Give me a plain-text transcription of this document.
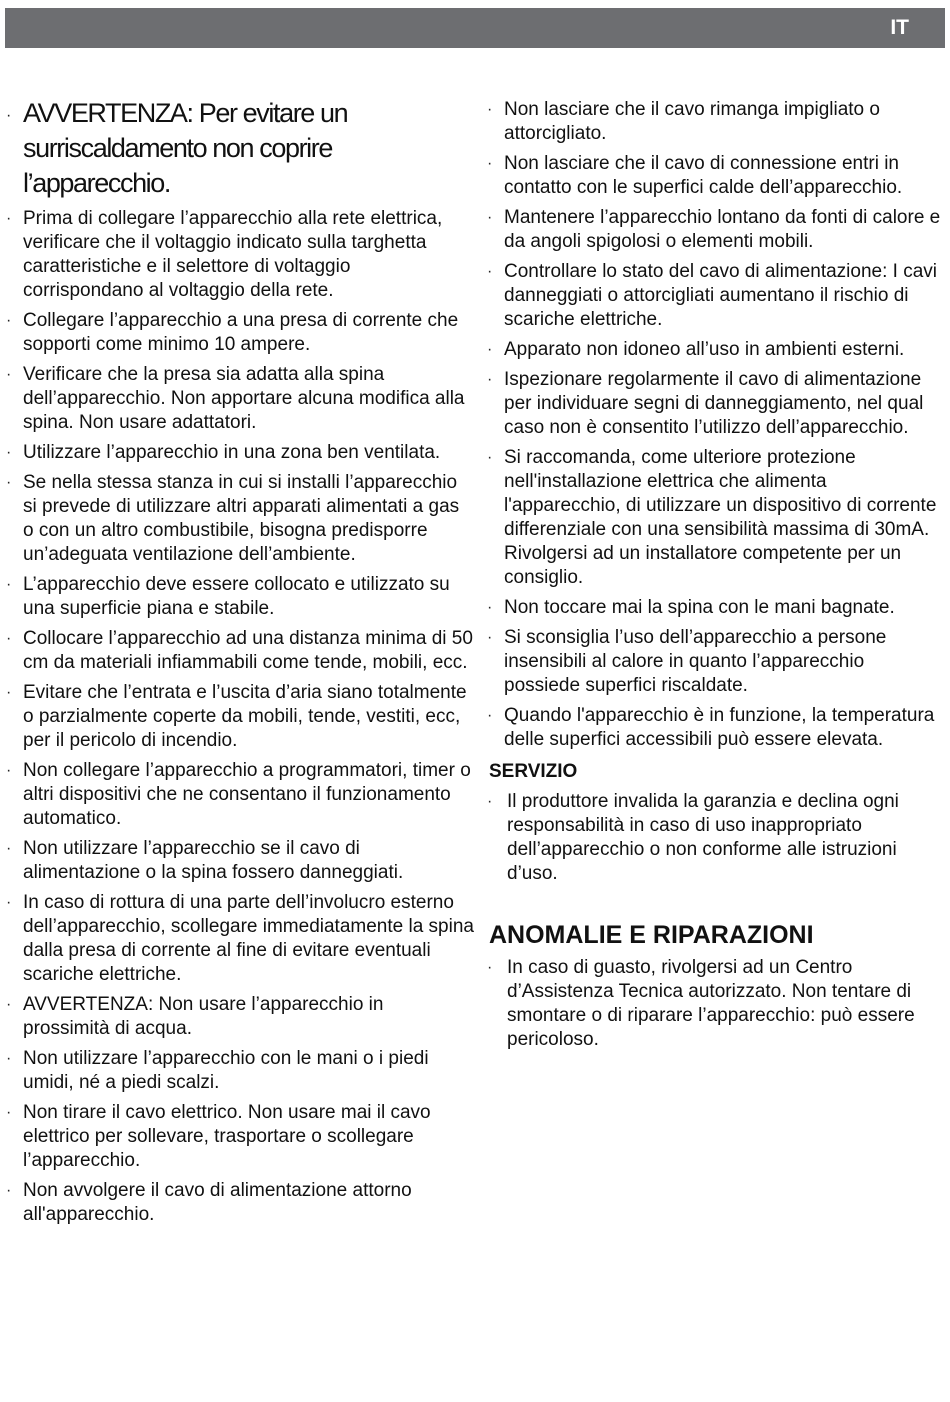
IT
· AVVERTENZA: Per evitare un surriscaldamento non coprire l’apparecchio.
· Prima di collegare l’apparecchio alla rete elettrica, verificare che il voltaggio indicato sulla targhetta caratteristiche e il selettore di voltaggio corrispondano al voltaggio della rete.
· Collegare l’apparecchio a una presa di corrente che sopporti come minimo 10 ampere.
· Verificare che la presa sia adatta alla spina dell’apparecchio. Non apportare alcuna modifica alla spina. Non usare adattatori.
· Utilizzare l’apparecchio in una zona ben ventilata.
· Se nella stessa stanza in cui si installi l’apparecchio si prevede di utilizzare altri apparati alimentati a gas o con un altro combustibile, bisogna predisporre un’adeguata ventilazione dell’ambiente.
· L’apparecchio deve essere collocato e utilizzato su una superficie piana e stabile.
· Collocare l’apparecchio ad una distanza minima di 50 cm da materiali infiammabili come tende, mobili, ecc.
· Evitare che l’entrata e l’uscita d’aria siano totalmente o parzialmente coperte da mobili, tende, vestiti, ecc, per il pericolo di incendio.
· Non collegare l’apparecchio a programmatori, timer o altri dispositivi che ne consentano il funzionamento automatico.
· Non utilizzare l’apparecchio se il cavo di alimentazione o la spina fossero danneggiati.
· In caso di rottura di una parte dell’involucro esterno dell’apparecchio, scollegare immediatamente la spina dalla presa di corrente al fine di evitare eventuali scariche elettriche.
· AVVERTENZA: Non usare l’apparecchio in prossimità di acqua.
· Non utilizzare l’apparecchio con le mani o i piedi umidi, né a piedi scalzi.
· Non tirare il cavo elettrico. Non usare mai il cavo elettrico per sollevare, trasportare o scollegare l’apparecchio.
· Non avvolgere il cavo di alimentazione attorno all'apparecchio.
· Non lasciare che il cavo rimanga impigliato o attorcigliato.
· Non lasciare che il cavo di connessione entri in contatto con le superfici calde dell’apparecchio.
· Mantenere l’apparecchio lontano da fonti di calore e da angoli spigolosi o elementi mobili.
· Controllare lo stato del cavo di alimentazione: I cavi danneggiati o attorcigliati aumentano il rischio di scariche elettriche.
· Apparato non idoneo all’uso in ambienti esterni.
· Ispezionare regolarmente il cavo di alimentazione per individuare segni di danneggiamento, nel qual caso non è consentito l’utilizzo dell’apparecchio.
· Si raccomanda, come ulteriore protezione nell'installazione elettrica che alimenta l'apparecchio, di utilizzare un dispositivo di corrente differenziale con una sensibilità massima di 30mA. Rivolgersi ad un installatore competente per un consiglio.
· Non toccare mai la spina con le mani bagnate.
· Si sconsiglia l’uso dell’apparecchio a persone insensibili al calore in quanto l’apparecchio possiede superfici riscaldate.
· Quando l'apparecchio è in funzione, la temperatura delle superfici accessibili può essere elevata.
SERVIZIO
· Il produttore invalida la garanzia e declina ogni responsabilità in caso di uso inappropriato dell’apparecchio o non conforme alle istruzioni d’uso.
ANOMALIE E RIPARAZIONI
· In caso di guasto, rivolgersi ad un Centro d’Assistenza Tecnica autorizzato. Non tentare di smontare o di riparare l’apparecchio: può essere pericoloso.
